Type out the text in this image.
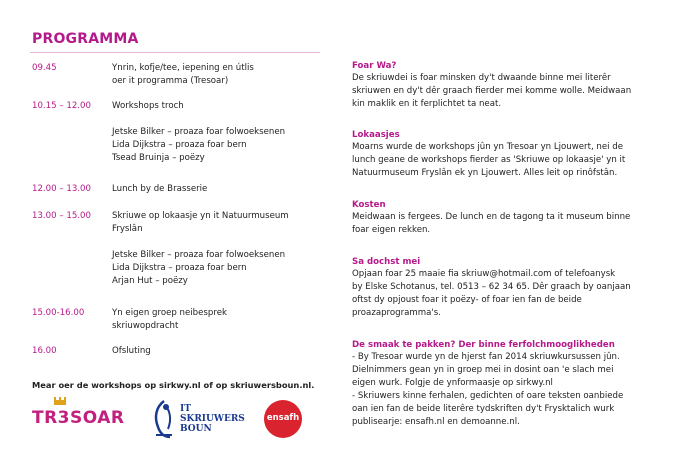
PROGRAMMA
09.45	Ynrin, kofje/tee, iepening en útlis
oer it programma (Tresoar)
10.15 – 12.00 Workshops troch
Jetske Bilker – proaza foar folwoeksenen
Lida Dijkstra – proaza foar bern
Tsead Bruinja – poëzy
12.00 – 13.00 Lunch by de Brasserie
13.00 – 15.00 Skriuwe op lokaasje yn it Natuurmuseum
Fryslân
Jetske Bilker – proaza foar folwoeksenen
Lida Dijkstra – proaza foar bern
Arjan Hut – poëzy
15.00-16.00	Yn eigen groep neibesprek
skriuwopdracht
16.00	Ofsluting
Mear oer de workshops op sirkwy.nl of op skriuwersboun.nl.
TR3SOAR	IT
SKRIUWERS
BOUN
ensafh
Foar Wa?

De skriuwdei is foar minsken dy't dwaande binne mei literêr

skriuwen en dy't dêr graach fierder mei komme wolle. Meidwaan

kin maklik en it ferplichtet ta neat.

Lokaasjes

Moarns wurde de workshops jûn yn Tresoar yn Ljouwert, nei de

lunch geane de workshops fierder as 'Skriuwe op lokaasje' yn it

Natuurmuseum Fryslân ek yn Ljouwert. Alles leit op rinôfstân.

Kosten

Meidwaan is fergees. De lunch en de tagong ta it museum binne

foar eigen rekken.

Sa dochst mei

Opjaan foar 25 maaie fia skriuw@hotmail.com of telefoanysk

by Elske Schotanus, tel. 0513 – 62 34 65. Dêr graach by oanjaan

oftst dy opjoust foar it poëzy- of foar ien fan de beide

proazaprogramma's.

De smaak te pakken? Der binne ferfolchmooglikheden

- By Tresoar wurde yn de hjerst fan 2014 skriuwkursussen jûn.

Dielnimmers gean yn in groep mei in dosint oan 'e slach mei

eigen wurk. Folgje de ynformaasje op sirkwy.nl

- Skriuwers kinne ferhalen, gedichten of oare teksten oanbiede

oan ien fan de beide literêre tydskriften dy't Frysktalich wurk

publisearje: ensafh.nl en demoanne.nl.
